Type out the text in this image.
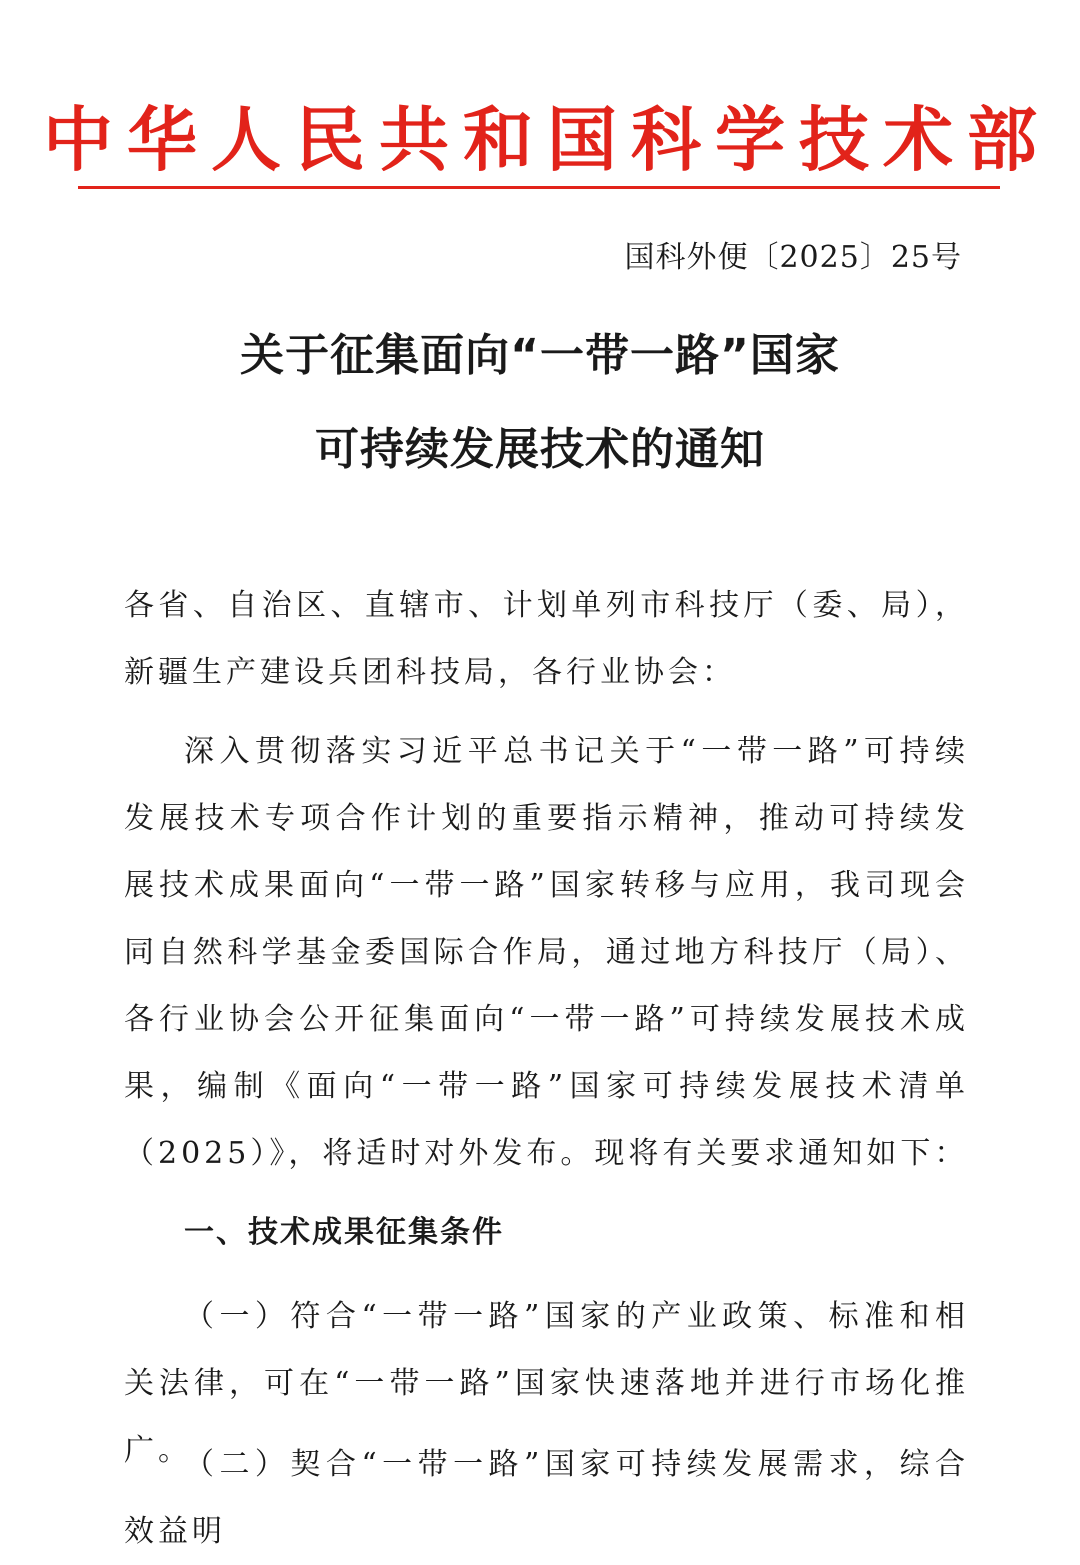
中华人民共和国科学技术部
国科外便〔2025〕25号
关于征集面向“一带一路”国家
可持续发展技术的通知

各省、自治区、直辖市、计划单列市科技厅（委、局），新疆生产建设兵团科技局，各行业协会：

深入贯彻落实习近平总书记关于“一带一路”可持续发展技术专项合作计划的重要指示精神，推动可持续发展技术成果面向“一带一路”国家转移与应用，我司现会同自然科学基金委国际合作局，通过地方科技厅（局）、各行业协会公开征集面向“一带一路”可持续发展技术成果，编制《面向“一带一路”国家可持续发展技术清单（2025）》，将适时对外发布。现将有关要求通知如下：

一、技术成果征集条件

（一）符合“一带一路”国家的产业政策、标准和相关法律，可在“一带一路”国家快速落地并进行市场化推广。

（二）契合“一带一路”国家可持续发展需求，综合效益明
